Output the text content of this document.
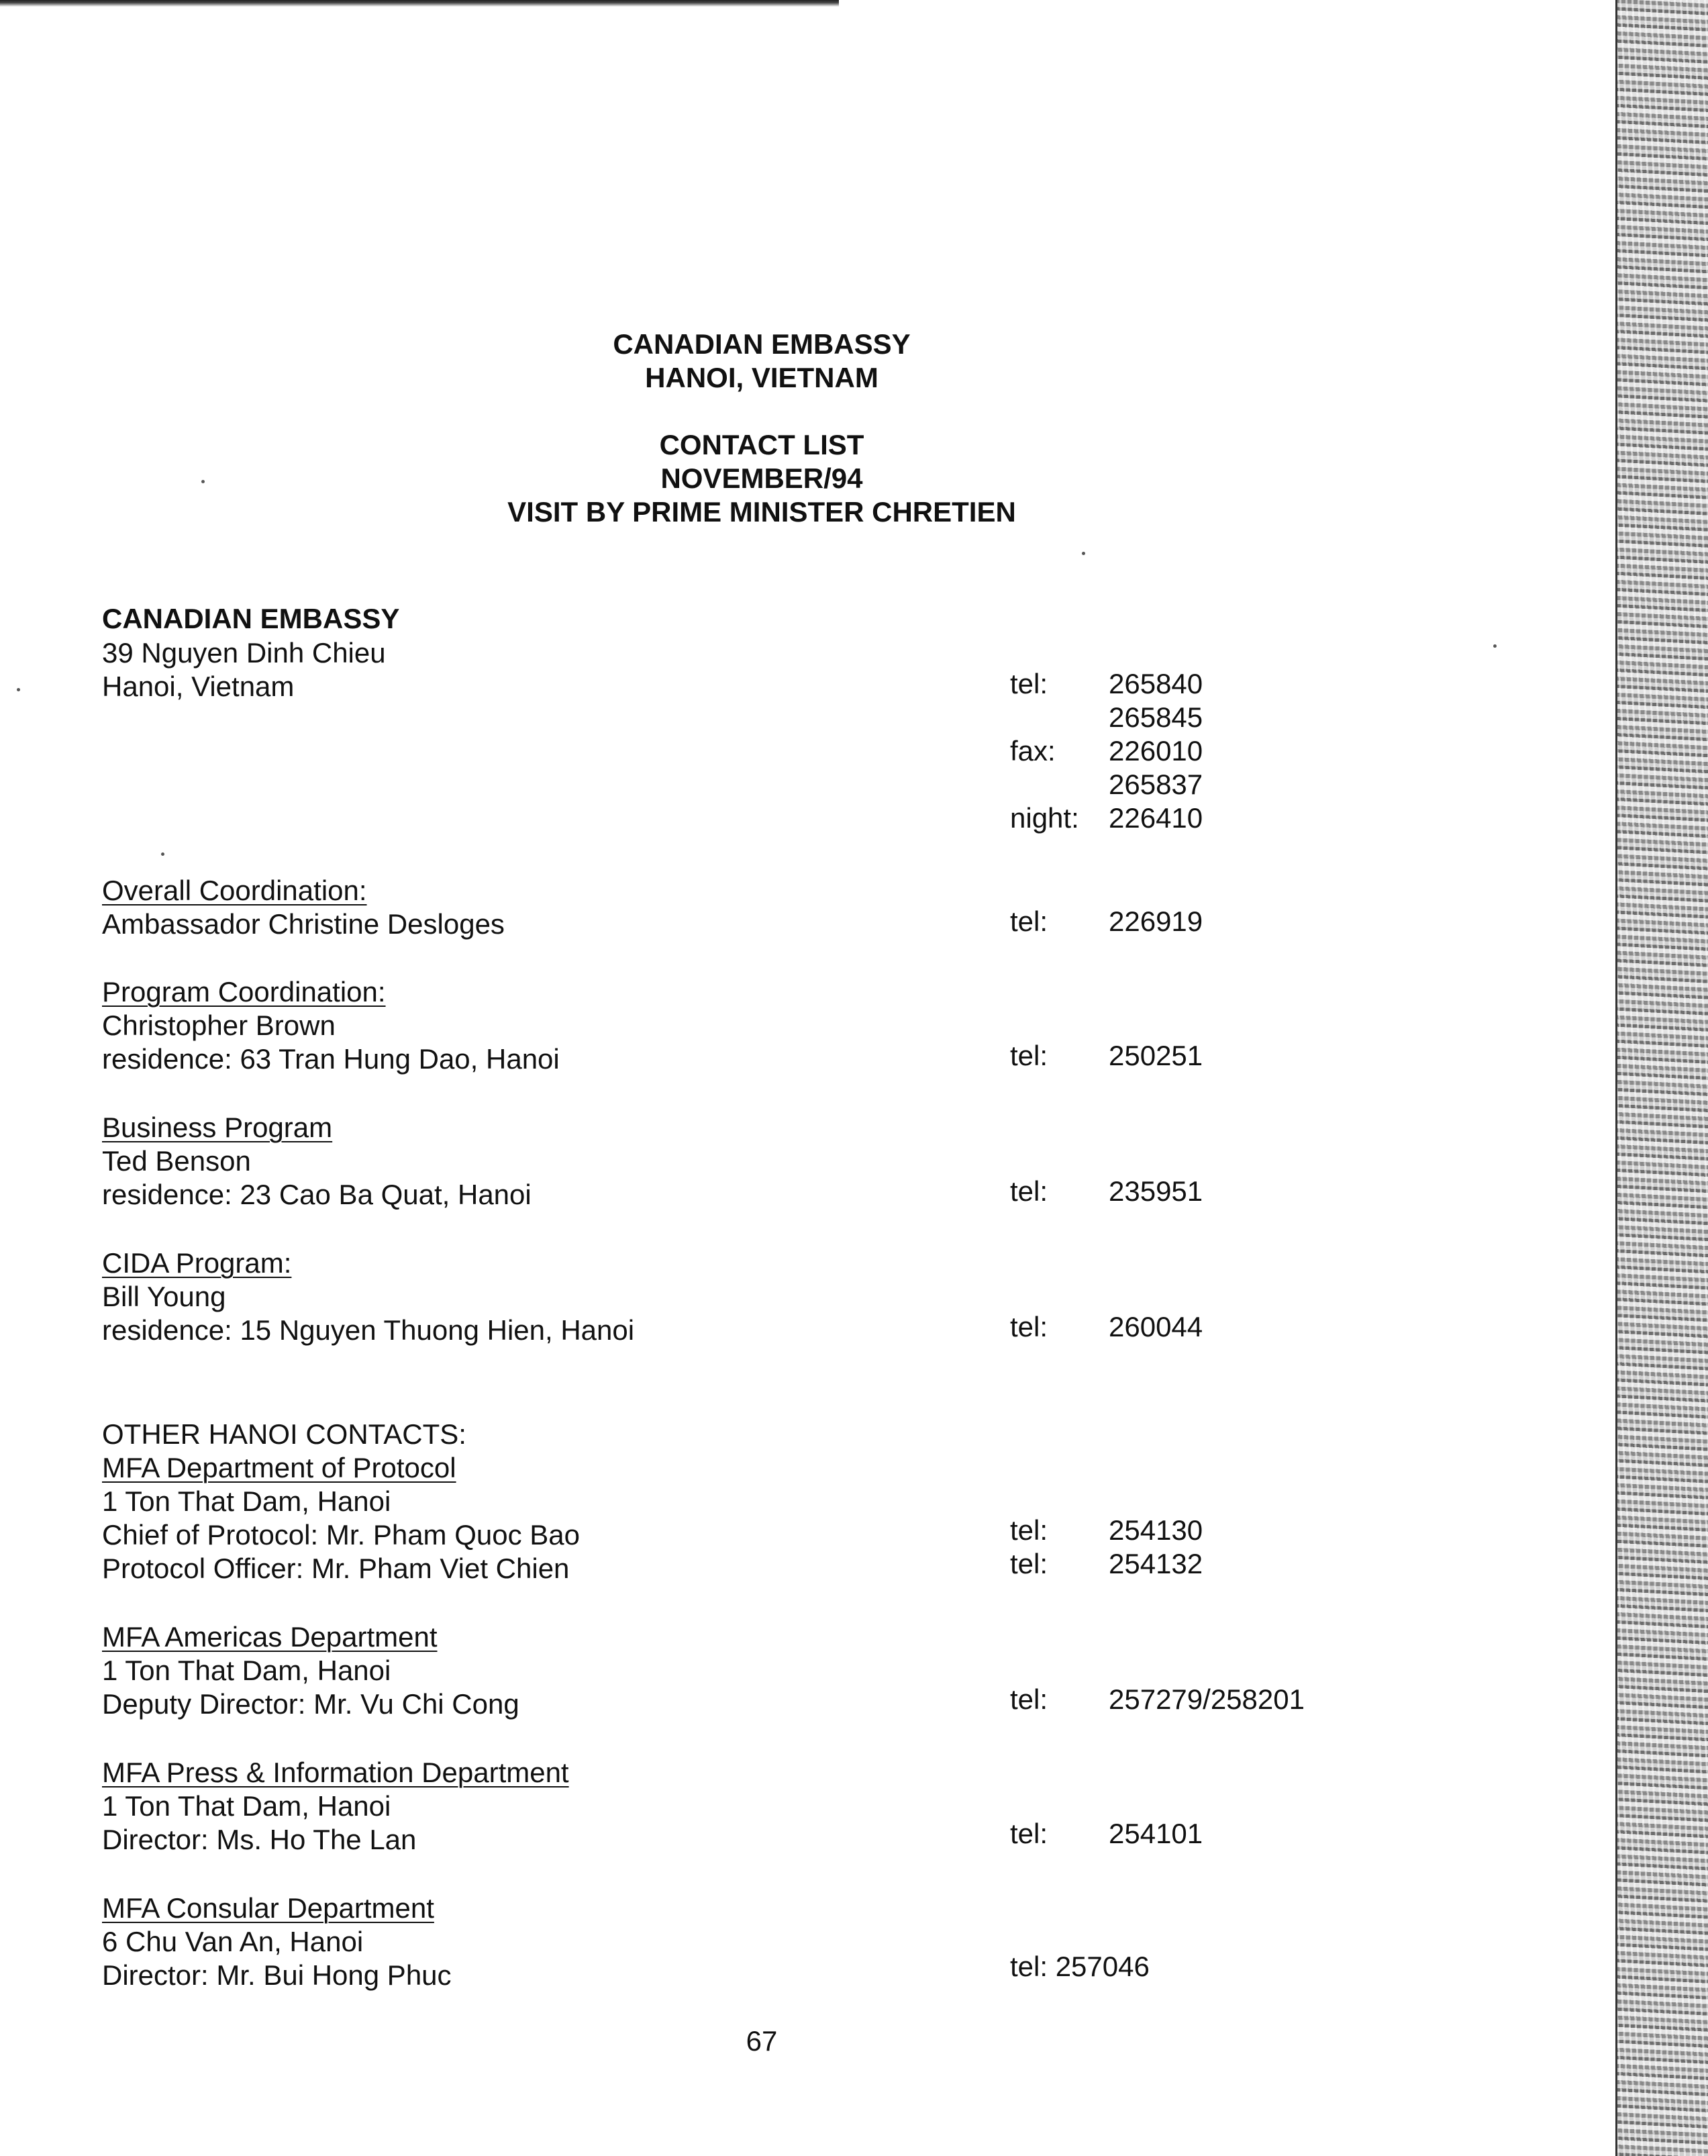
CANADIAN EMBASSY
HANOI, VIETNAM
CONTACT LIST
NOVEMBER/94
VISIT BY PRIME MINISTER CHRETIEN
CANADIAN EMBASSY
39 Nguyen Dinh Chieu
Hanoi, Vietnam	tel: 265840
265845
fax: 226010
265837
night: 226410
Overall Coordination:
Ambassador Christine Desloges	tel: 226919
Program Coordination:
Christopher Brown
residence: 63 Tran Hung Dao, Hanoi	tel: 250251
Business Program
Ted Benson
residence: 23 Cao Ba Quat, Hanoi	tel: 235951
CIDA Program:
Bill Young
residence: 15 Nguyen Thuong Hien, Hanoi	tel: 260044
OTHER HANOI CONTACTS:
MFA Department of Protocol
1 Ton That Dam, Hanoi
Chief of Protocol: Mr. Pham Quoc Bao	tel: 254130
Protocol Officer: Mr. Pham Viet Chien	tel: 254132
MFA Americas Department
1 Ton That Dam, Hanoi
Deputy Director: Mr. Vu Chi Cong	tel: 257279/258201
MFA Press & Information Department
1 Ton That Dam, Hanoi
Director: Ms. Ho The Lan	tel: 254101
MFA Consular Department
6 Chu Van An, Hanoi
Director: Mr. Bui Hong Phuc	tel: 257046
67
